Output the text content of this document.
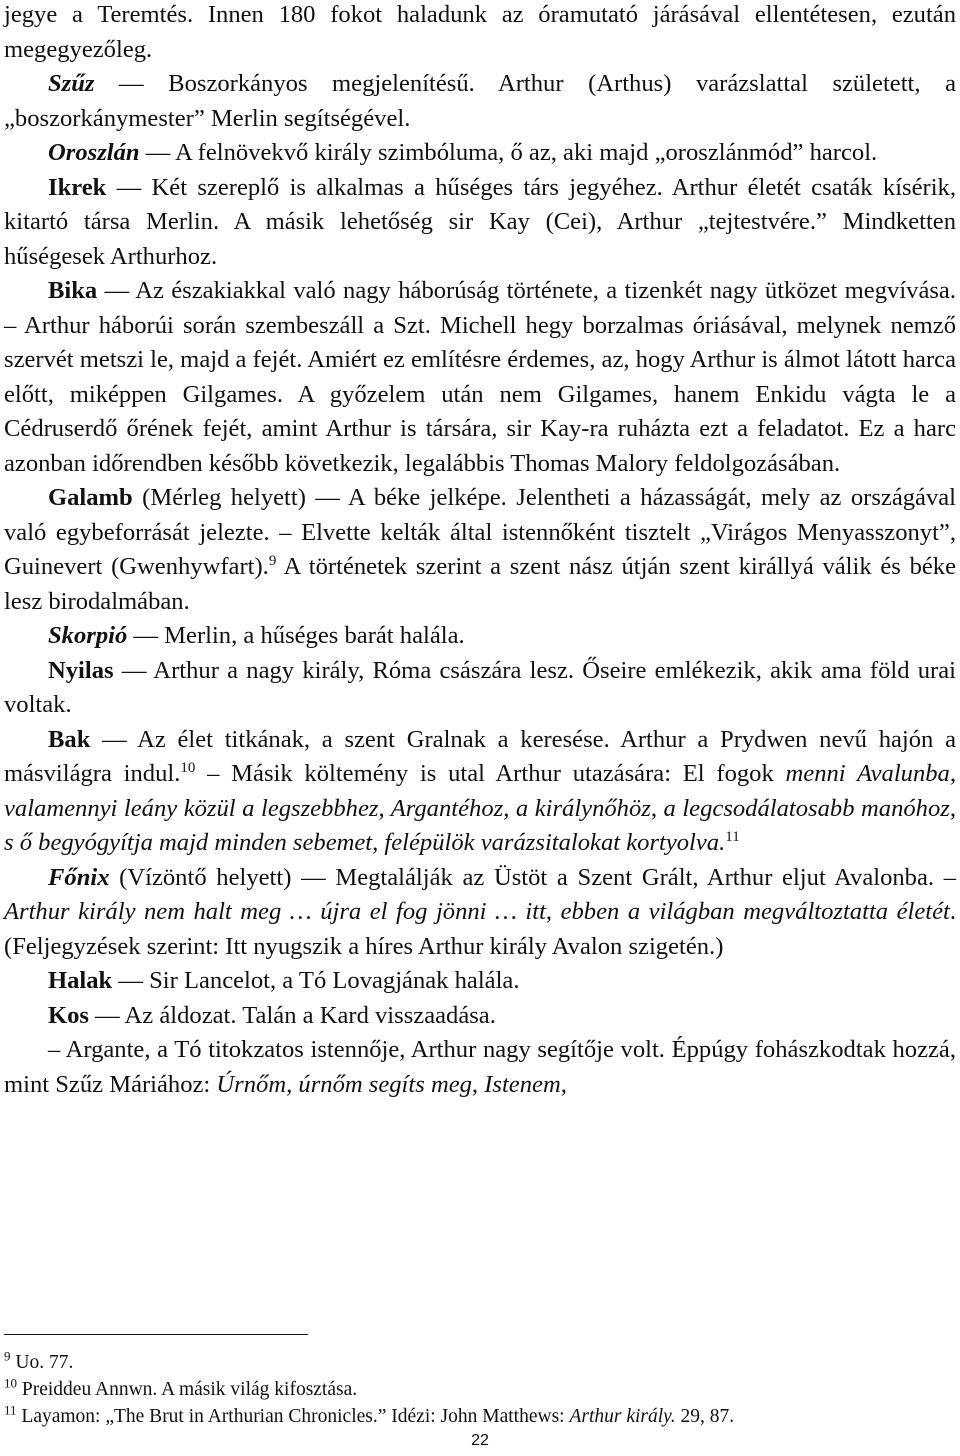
jegye a Teremtés. Innen 180 fokot haladunk az óramutató járásával ellentétesen, ezután megegyezőleg.

Szűz — Boszorkányos megjelenítésű. Arthur (Arthus) varázslattal született, a „boszorkánymester” Merlin segítségével.

Oroszlán — A felnövekvő király szimbóluma, ő az, aki majd „oroszlánmód” harcol.

Ikrek — Két szereplő is alkalmas a hűséges társ jegyéhez. Arthur életét csaták kísérik, kitartó társa Merlin. A másik lehetőség sir Kay (Cei), Arthur „tejtestvére.” Mindketten hűségesek Arthurhoz.

Bika — Az északiakkal való nagy háborúság története, a tizenkét nagy ütközet megvívása. – Arthur háborúi során szembeszáll a Szt. Michell hegy borzalmas óriásával, melynek nemző szervét metszi le, majd a fejét. Amiért ez említésre érdemes, az, hogy Arthur is álmot látott harca előtt, miképpen Gilgames. A győzelem után nem Gilgames, hanem Enkidu vágta le a Cédruserdő őrének fejét, amint Arthur is társára, sir Kay-ra ruházta ezt a feladatot. Ez a harc azonban időrendben később következik, legalábbis Thomas Malory feldolgozásában.

Galamb (Mérleg helyett) — A béke jelképe. Jelentheti a házasságát, mely az országával való egybeforrását jelezte. – Elvette kelták által istennőként tisztelt „Virágos Menyasszonyt”, Guinevert (Gwenhywfart).$^9$ A történetek szerint a szent nász útján szent királlyá válik és béke lesz birodalmában.

Skorpió — Merlin, a hűséges barát halála.

Nyilas — Arthur a nagy király, Róma császára lesz. Őseire emlékezik, akik ama föld urai voltak.

Bak — Az élet titkának, a szent Gralnak a keresése. Arthur a Prydwen nevű hajón a másvilágra indul.$^{10}$ – Másik költemény is utal Arthur utazására: El fogok menni Avalunba, valamennyi leány közül a legszebbhez, Argantéhoz, a királynőhöz, a legcsodálatosabb manóhoz, s ő begyógyítja majd minden sebemet, felépülök varázsitalokat kortyolva.$^{11}$

Főnix (Vízöntő helyett) — Megtalálják az Üstöt a Szent Grált, Arthur eljut Avalonba. – Arthur király nem halt meg … újra el fog jönni … itt, ebben a világban megváltoztatta életét. (Feljegyzések szerint: Itt nyugszik a híres Arthur király Avalon szigetén.)

Halak — Sir Lancelot, a Tó Lovagjának halála.

Kos — Az áldozat. Talán a Kard visszaadása.

– Argante, a Tó titokzatos istennője, Arthur nagy segítője volt. Éppúgy fohászkodtak hozzá, mint Szűz Máriához: Úrnőm, úrnőm segíts meg, Istenem,

$^9$ Uo. 77.

$^{10}$ Preiddeu Annwn. A másik világ kifosztása.

$^{11}$ Layamon: „The Brut in Arthurian Chronicles.” Idézi: John Matthews: Arthur király. 29, 87.

22
